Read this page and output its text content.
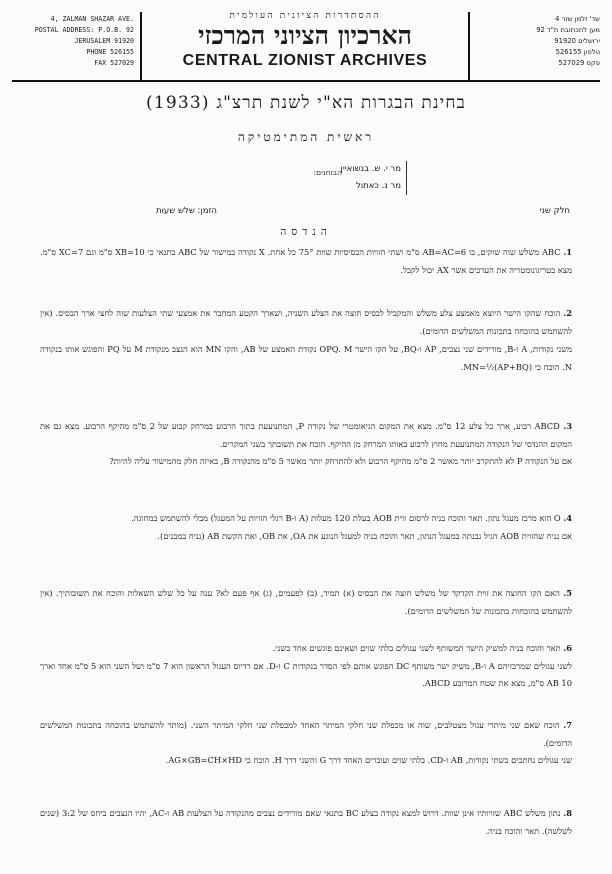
4, ZALMAN SHAZAR AVE.
POSTAL ADDRESS: P.O.B. 92
JERUSALEM 91920
PHONE 526155
FAX 527029
ההסתדרות הציונית העולמית
הארכיון הציוני המרכזי
CENTRAL ZIONIST ARCHIVES
שד' זלמן שזר 4
מען לתכתובת ת"ד 92
ירושלים 91920
טלפון 526155
פקס 527029
בחינת הבגרות הא"י לשנת תרצ"ג (1933)
ראשית המתימטיקה
הבוחנים:
מר י. ש. בנשואיין
מר נ. כאתול
חלק שני
הזמן: שלש שעות
הנדסה

1. ABC משלש שוה שוקים, בו AB=AC=6 ס"מ ושתי הזויות הבסיסיות שוות 75° כל אחת. X נקודה במישור של ABC בתנאי כי XB=10 ס"מ וגם XC=7 ס"מ. מצא בטריגונומטריה את הערכים אשר AX יכול לקבל.

2. הוכח שהקו הישר היוצא מאמצע צלע משלש והמקביל לבסיס חוצה את הצלע השניה, ושארך הקטע המחבר את אמצעי שתי הצלעות שוה לחצי ארך הבסיס. (אין להשתמש בהוכחה בתכונות המשלשים הדומים).

משני נקודות, A ו-B, מורידים שני נצבים, AP ו-BQ, על הקו הישר OPQ. M נקודת האמצע של AB, והקו MN הוא הנצב מנקודת M על PQ והפוגש אותו בנקודה N. הוכח כי MN=½(AP+BQ).

3. ABCD רבוע, ארך כל צלע 12 ס"מ. מצא את המקום הגיאומטרי של נקודה P, המתנועעת בתוך הרבוע במרחק קבוע של 2 ס"מ מהיקף הרבוע. מצא גם את המקום ההנדסי של הנקודה המתנועעת מחוץ לרבוע באותו המרחק מן ההיקף. הוכח את תשובתך בשני המקרים.

אם על הנקודה P לא להתקרב יותר מאשר 2 ס"מ מהיקף הרבוע ולא להתרחק יותר מאשר 5 ס"מ מהנקודה B, באיזה חלק מהמישור עליה להיות?

4. O הוא מרכז מעגל נתון. תאר והוכח בניה לרסום זוית AOB בעלת 120 מעלות (A ו-B רגלי הזויות על המעגל) מבלי להשתמש במחוגה.

אם נניח שהזוית AOB הגיל נבנתה במעגל הנתון, תאר והוכח בניה למעגל הנוגע את OA, את OB, ואת הקשת AB (נניח במבנים).

5. האם הקו החוצה את זוית הקדקד של משלש חוצה את הבסיס (א) תמיד, (ב) לפעמים, (ג) אף פעם לא? ענה על כל שלש השאלות והוכח את תשובותיך. (אין להשתמש בהוכחות בתכונות של המשלשים הדומים).

6. תאר והוכח בניה למשיק הישר המשותף לשני עגולים בלתי שוים ושאינם פוגשים אחד בשני.

לשני עגולים שמרכזיהם A ו-B, משיק ישר משותף DC הפוגש אותם לפי הסדר בנקודות C ו-D. אם רדיוס העגול הראשון הוא 7 ס"מ ושל השני הוא 5 ס"מ אחד וארך AB 10 ס"מ, מצא את שטח המרובע ABCD.

7. הוכח שאם שני מיתרי עגול מצטלבים, שוה או מכפלת שני חלקי המיתר האחד למכפלת שני חלקי המיתר השני. (מותר להשתמש בהוכחה בתכונות המשלשים הדומים).

שני עגולים נחתכים בשתי נקודות, AB ו-CD. בלתי שוים ועוברים האחד דרך G והשני דרך H. הוכח כי AG×GB=CH×HD.

8. נתון משלש ABC שזויותיו אינן שוות. דרוש למצא נקודה בצלע BC בתנאי שאם מורידים נצבים מהנקודה על הצלעות AB ו-AC, יהיו הנצבים ביחס של 3:2 (שנים לשלשה). תאר והוכח בניה.
